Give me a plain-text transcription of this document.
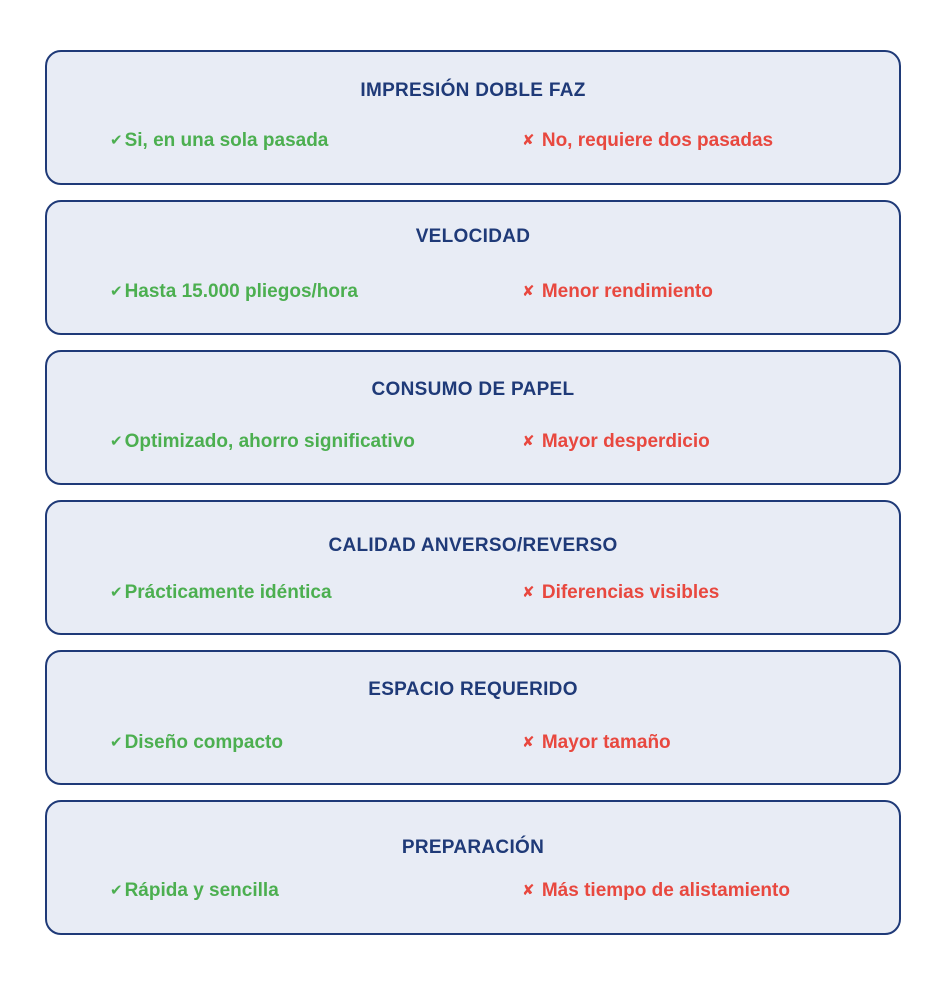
IMPRESIÓN DOBLE FAZ
✔ Si, en una sola pasada	✘ No, requiere dos pasadas
VELOCIDAD
✔ Hasta 15.000 pliegos/hora	✘ Menor rendimiento
CONSUMO DE PAPEL
✔ Optimizado, ahorro significativo	✘ Mayor desperdicio
CALIDAD ANVERSO/REVERSO
✔ Prácticamente idéntica	✘ Diferencias visibles
ESPACIO REQUERIDO
✔ Diseño compacto	✘ Mayor tamaño
PREPARACIÓN
✔ Rápida y sencilla	✘ Más tiempo de alistamiento
